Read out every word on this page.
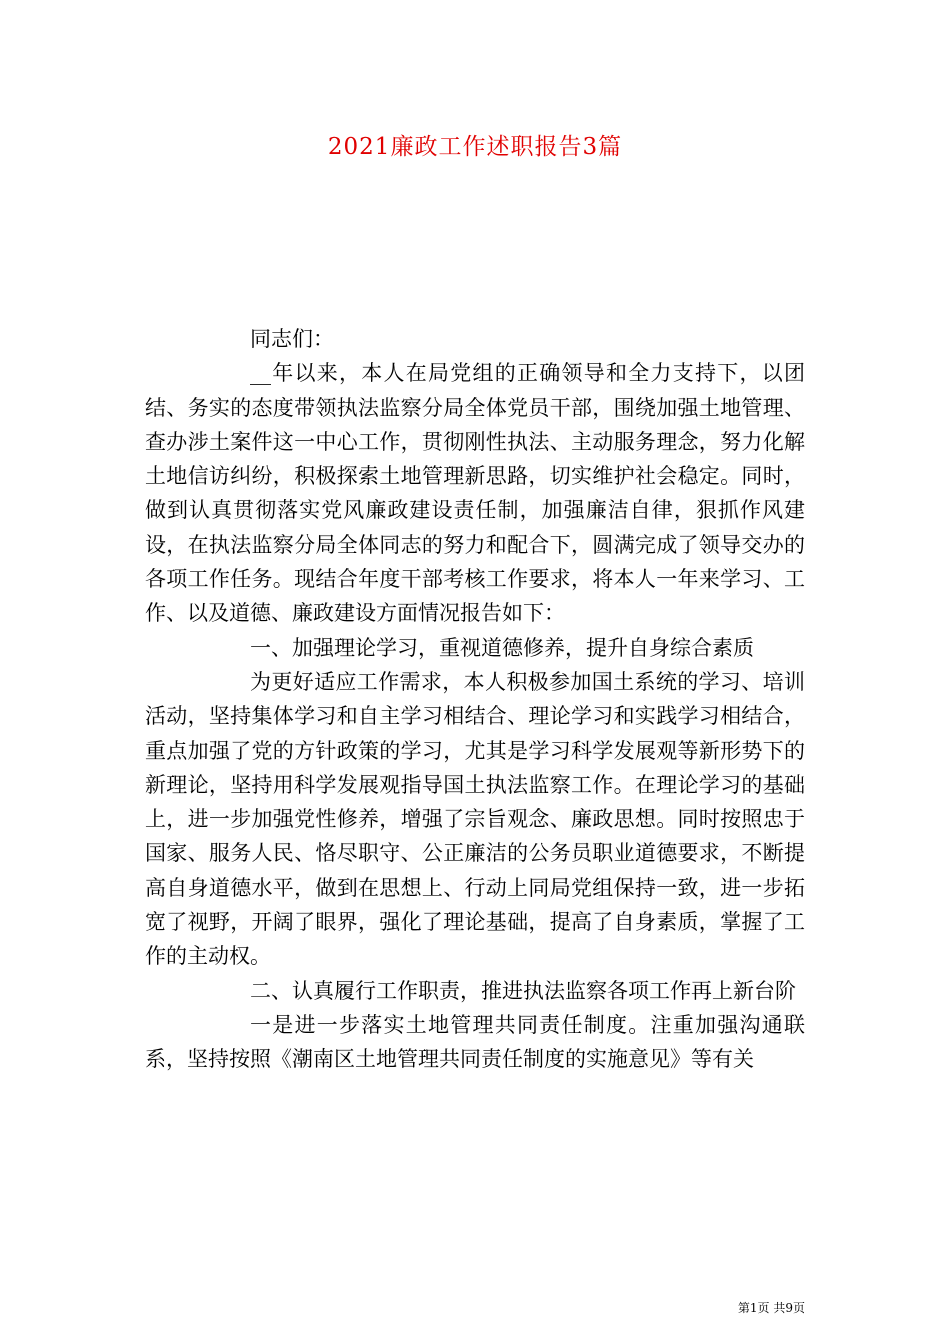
2021廉政工作述职报告3篇

同志们：

__年以来，本人在局党组的正确领导和全力支持下，以团结、务实的态度带领执法监察分局全体党员干部，围绕加强土地管理、查办涉土案件这一中心工作，贯彻刚性执法、主动服务理念，努力化解土地信访纠纷，积极探索土地管理新思路，切实维护社会稳定。同时，做到认真贯彻落实党风廉政建设责任制，加强廉洁自律，狠抓作风建设，在执法监察分局全体同志的努力和配合下，圆满完成了领导交办的各项工作任务。现结合年度干部考核工作要求，将本人一年来学习、工作、以及道德、廉政建设方面情况报告如下：

一、加强理论学习，重视道德修养，提升自身综合素质

为更好适应工作需求，本人积极参加国土系统的学习、培训活动，坚持集体学习和自主学习相结合、理论学习和实践学习相结合，重点加强了党的方针政策的学习，尤其是学习科学发展观等新形势下的新理论，坚持用科学发展观指导国土执法监察工作。在理论学习的基础上，进一步加强党性修养，增强了宗旨观念、廉政思想。同时按照忠于国家、服务人民、恪尽职守、公正廉洁的公务员职业道德要求，不断提高自身道德水平，做到在思想上、行动上同局党组保持一致，进一步拓宽了视野，开阔了眼界，强化了理论基础，提高了自身素质，掌握了工作的主动权。

二、认真履行工作职责，推进执法监察各项工作再上新台阶

一是进一步落实土地管理共同责任制度。注重加强沟通联系，坚持按照《潮南区土地管理共同责任制度的实施意见》等有关

第1页 共9页
